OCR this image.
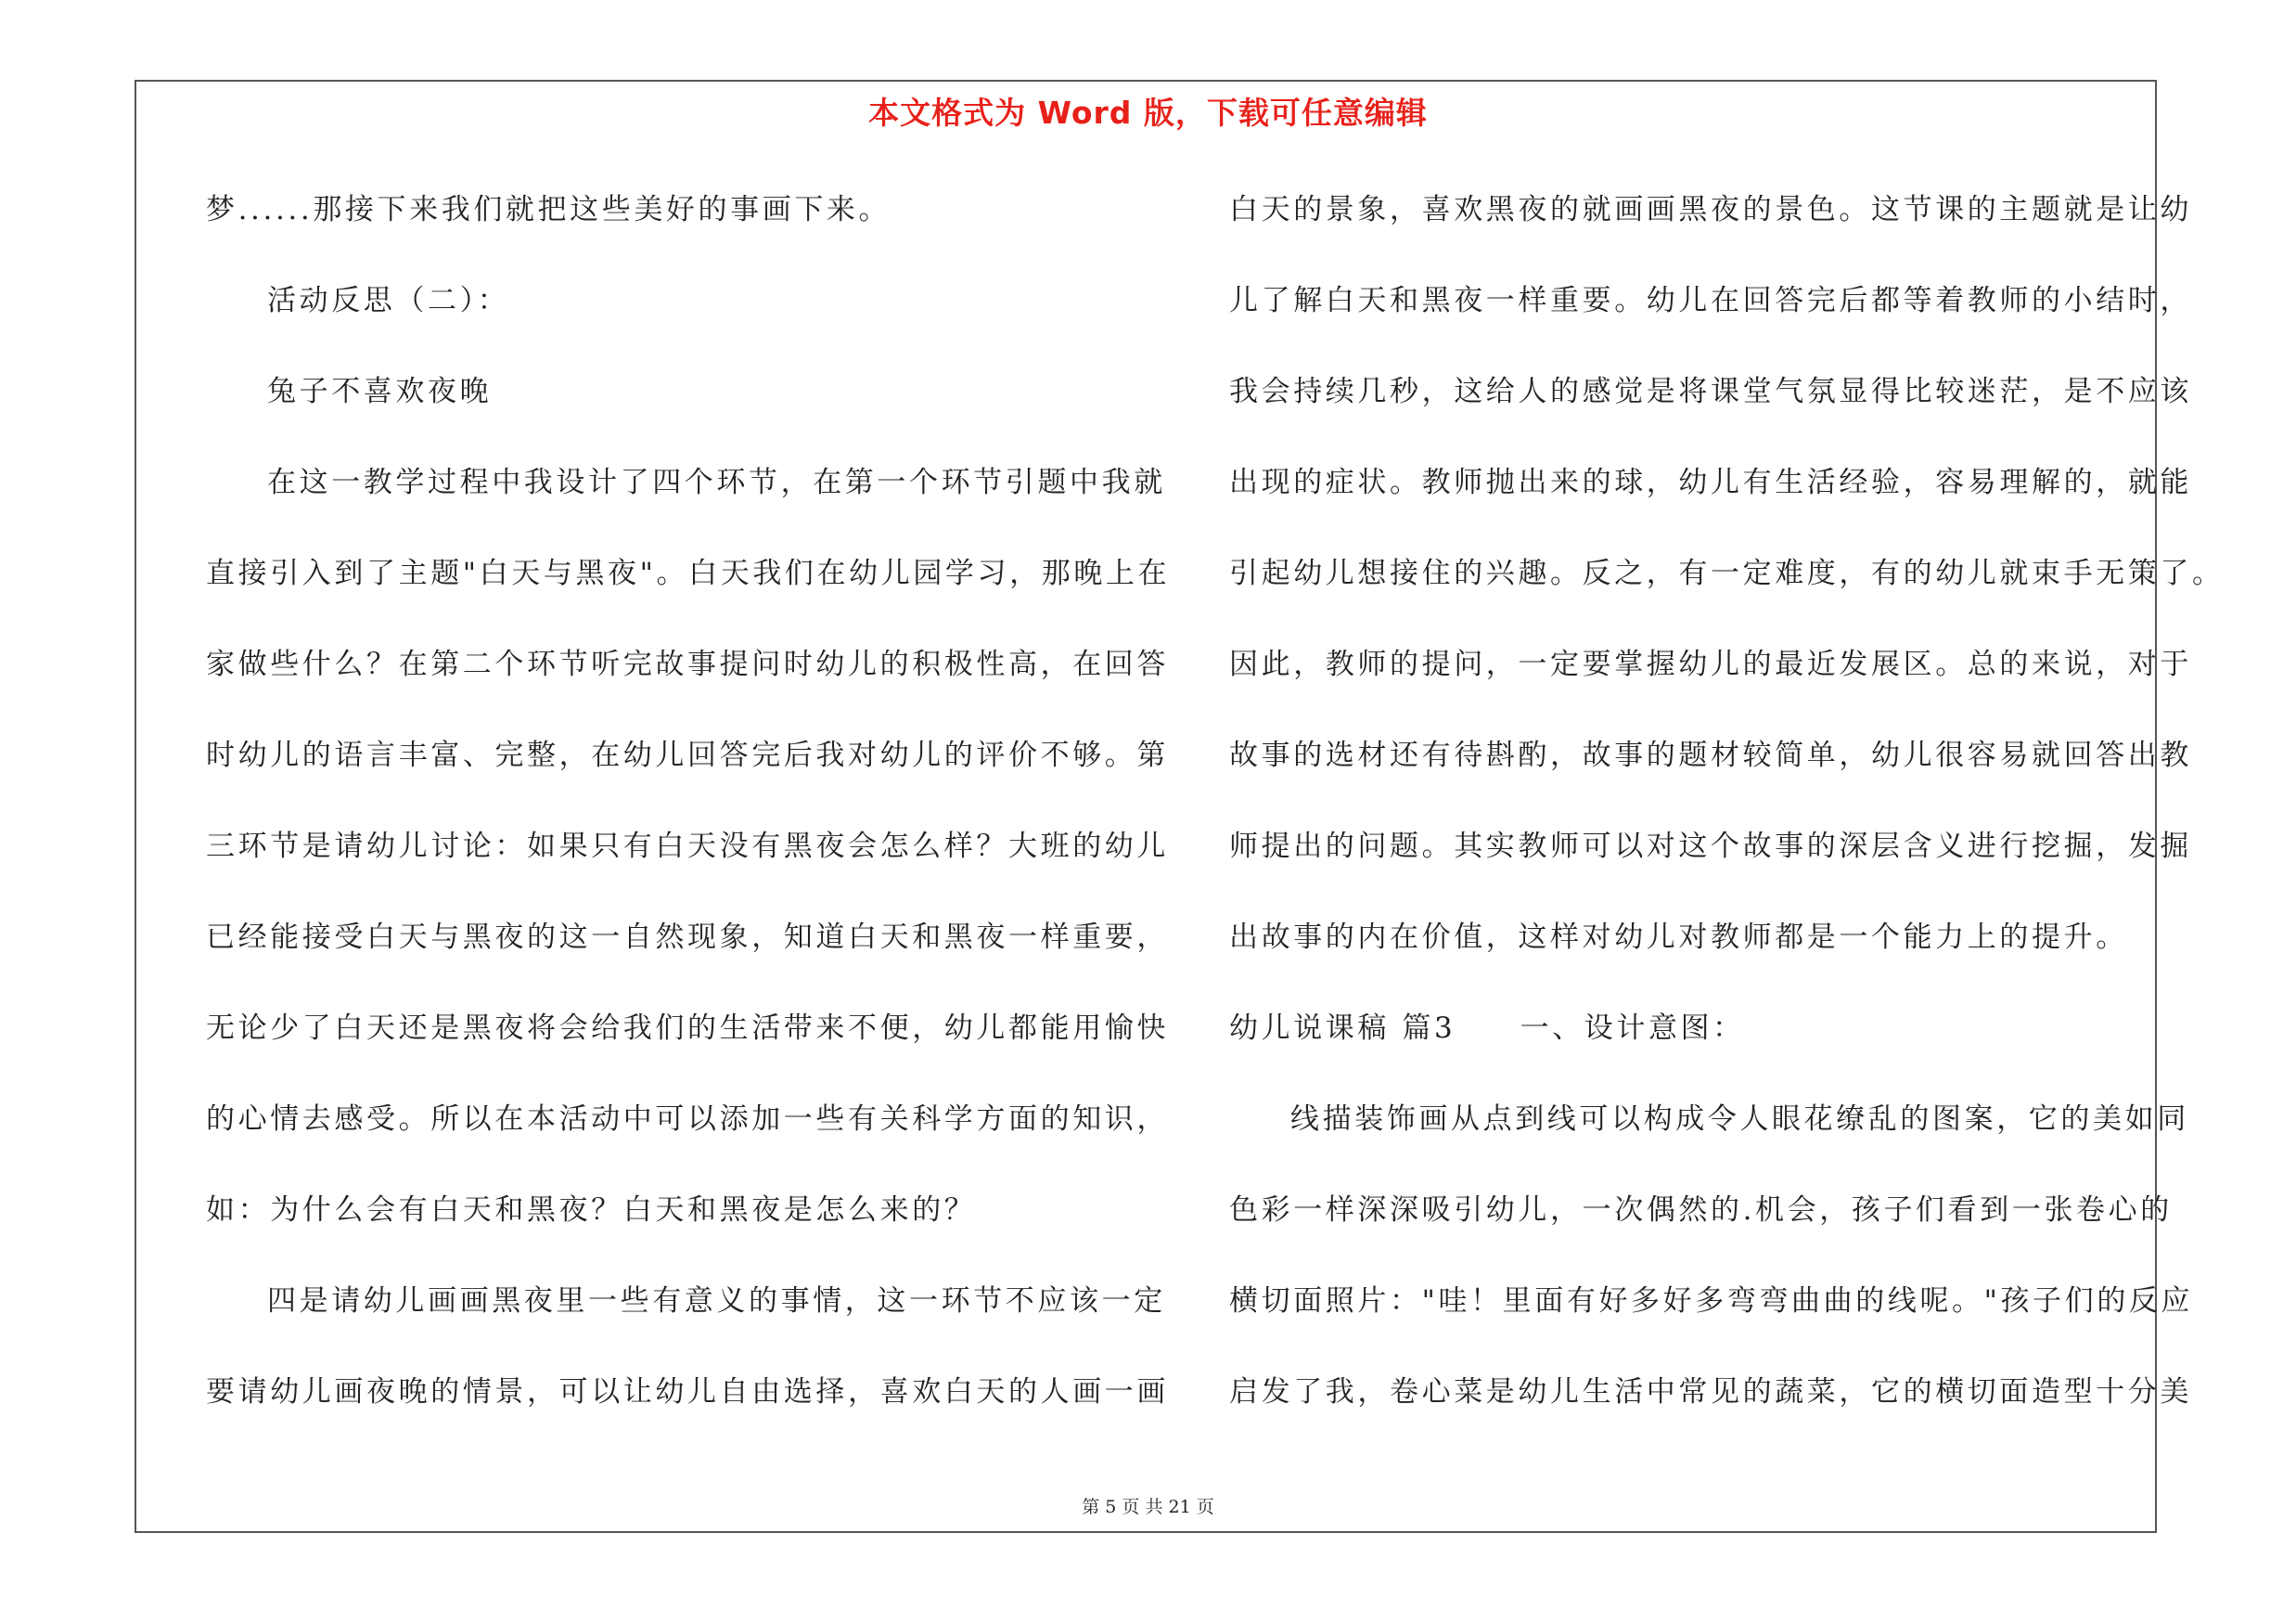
本文格式为 Word 版，下载可任意编辑
梦......那接下来我们就把这些美好的事画下来。
活动反思（二）：
兔子不喜欢夜晚
在这一教学过程中我设计了四个环节，在第一个环节引题中我就
直接引入到了主题"白天与黑夜"。白天我们在幼儿园学习，那晚上在
家做些什么？在第二个环节听完故事提问时幼儿的积极性高，在回答
时幼儿的语言丰富、完整，在幼儿回答完后我对幼儿的评价不够。第
三环节是请幼儿讨论：如果只有白天没有黑夜会怎么样？大班的幼儿
已经能接受白天与黑夜的这一自然现象，知道白天和黑夜一样重要，
无论少了白天还是黑夜将会给我们的生活带来不便，幼儿都能用愉快
的心情去感受。所以在本活动中可以添加一些有关科学方面的知识，
如：为什么会有白天和黑夜？白天和黑夜是怎么来的？
四是请幼儿画画黑夜里一些有意义的事情，这一环节不应该一定
要请幼儿画夜晚的情景，可以让幼儿自由选择，喜欢白天的人画一画
白天的景象，喜欢黑夜的就画画黑夜的景色。这节课的主题就是让幼
儿了解白天和黑夜一样重要。幼儿在回答完后都等着教师的小结时，
我会持续几秒，这给人的感觉是将课堂气氛显得比较迷茫，是不应该
出现的症状。教师抛出来的球，幼儿有生活经验，容易理解的，就能
引起幼儿想接住的兴趣。反之，有一定难度，有的幼儿就束手无策了。
因此，教师的提问，一定要掌握幼儿的最近发展区。总的来说，对于
故事的选材还有待斟酌，故事的题材较简单，幼儿很容易就回答出教
师提出的问题。其实教师可以对这个故事的深层含义进行挖掘，发掘
出故事的内在价值，这样对幼儿对教师都是一个能力上的提升。
幼儿说课稿 篇3　　一、设计意图：
线描装饰画从点到线可以构成令人眼花缭乱的图案，它的美如同
色彩一样深深吸引幼儿，一次偶然的.机会，孩子们看到一张卷心的
横切面照片："哇！里面有好多好多弯弯曲曲的线呢。"孩子们的反应
启发了我，卷心菜是幼儿生活中常见的蔬菜，它的横切面造型十分美
第 5 页 共 21 页
